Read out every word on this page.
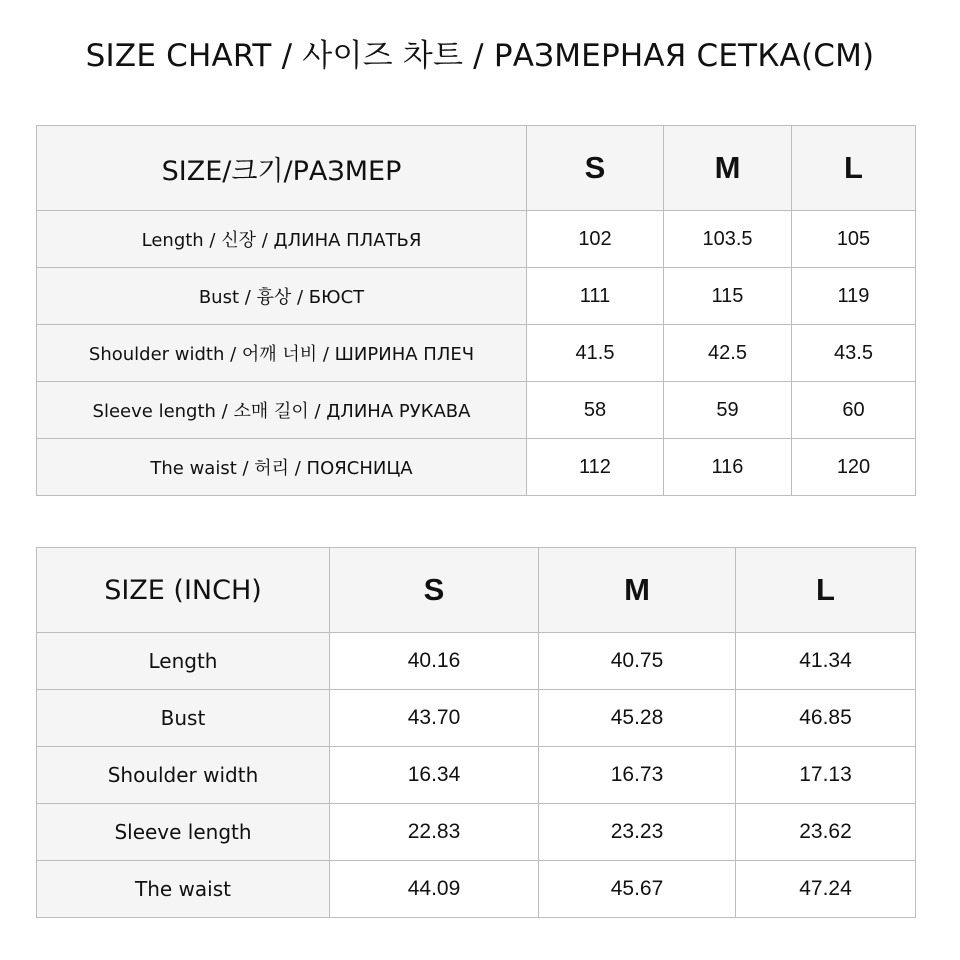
SIZE CHART / 사이즈 차트 / РАЗМЕРНАЯ СЕТКА(CM)
SIZE/크기/РАЗМЕР	S	M	L
Length / 신장 / ДЛИНА ПЛАТЬЯ	102	103.5	105
Bust / 흉상 / БЮСТ	111	115	119
Shoulder width / 어깨 너비 / ШИРИНА ПЛЕЧ	41.5	42.5	43.5
Sleeve length / 소매 길이 / ДЛИНА РУКАВА	58	59	60
The waist / 허리 / ПОЯСНИЦА	112	116	120
SIZE (INCH)	S	M	L
Length	40.16	40.75	41.34
Bust	43.70	45.28	46.85
Shoulder width	16.34	16.73	17.13
Sleeve length	22.83	23.23	23.62
The waist	44.09	45.67	47.24
